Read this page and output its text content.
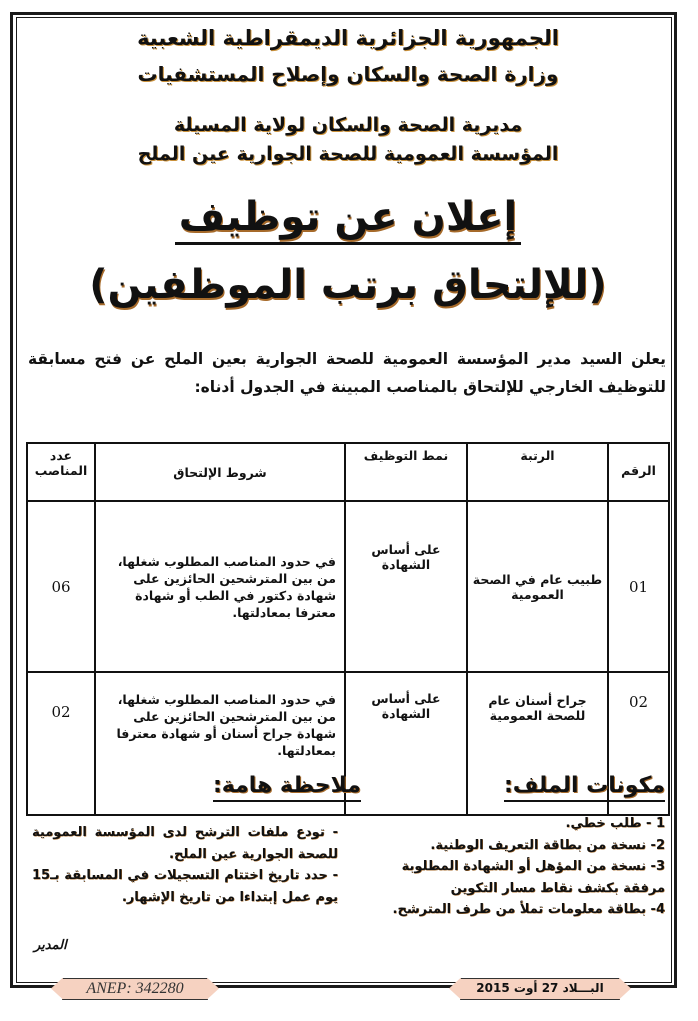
الجمهورية الجزائرية الديمقراطية الشعبية
وزارة الصحة والسكان وإصلاح المستشفيات
مديرية الصحة والسكان لولاية المسيلة
المؤسسة العمومية للصحة الجوارية عين الملح
إعلان عن توظيف
(للإلتحاق برتب الموظفين)
يعلن السيد مدير المؤسسة العمومية للصحة الجوارية بعين الملح عن فتح مسابقة للتوظيف الخارجي للإلتحاق بالمناصب المبينة في الجدول أدناه:
الرقم	الرتبة	نمط التوظيف	شروط الإلتحاق	عدد المناصب
01	طبيب عام في الصحة العمومية	على أساس الشهادة	في حدود المناصب المطلوب شغلها، من بين المترشحين الحائزين على شهادة دكتور في الطب أو شهادة معترفا بمعادلتها.	06
02	جراح أسنان عام للصحة العمومية	على أساس الشهادة	في حدود المناصب المطلوب شغلها، من بين المترشحين الحائزين على شهادة جراح أسنان أو شهادة معترفا بمعادلتها.	02
مكونات الملف:
1 - طلب خطي.
2- نسخة من بطاقة التعريف الوطنية.
3- نسخة من المؤهل أو الشهادة المطلوبة مرفقة بكشف نقاط مسار التكوين
4- بطاقة معلومات تملأ من طرف المترشح.
ملاحظة هامة:

- تودع ملفات الترشح لدى المؤسسة العمومية للصحة الجوارية عين الملح.

- حدد تاريخ اختتام التسجيلات في المسابقة بـ15 يوم عمل إبتداءا من تاريخ الإشهار.

المدير
ANEP: 342280	البـــلاد 27 أوت 2015
